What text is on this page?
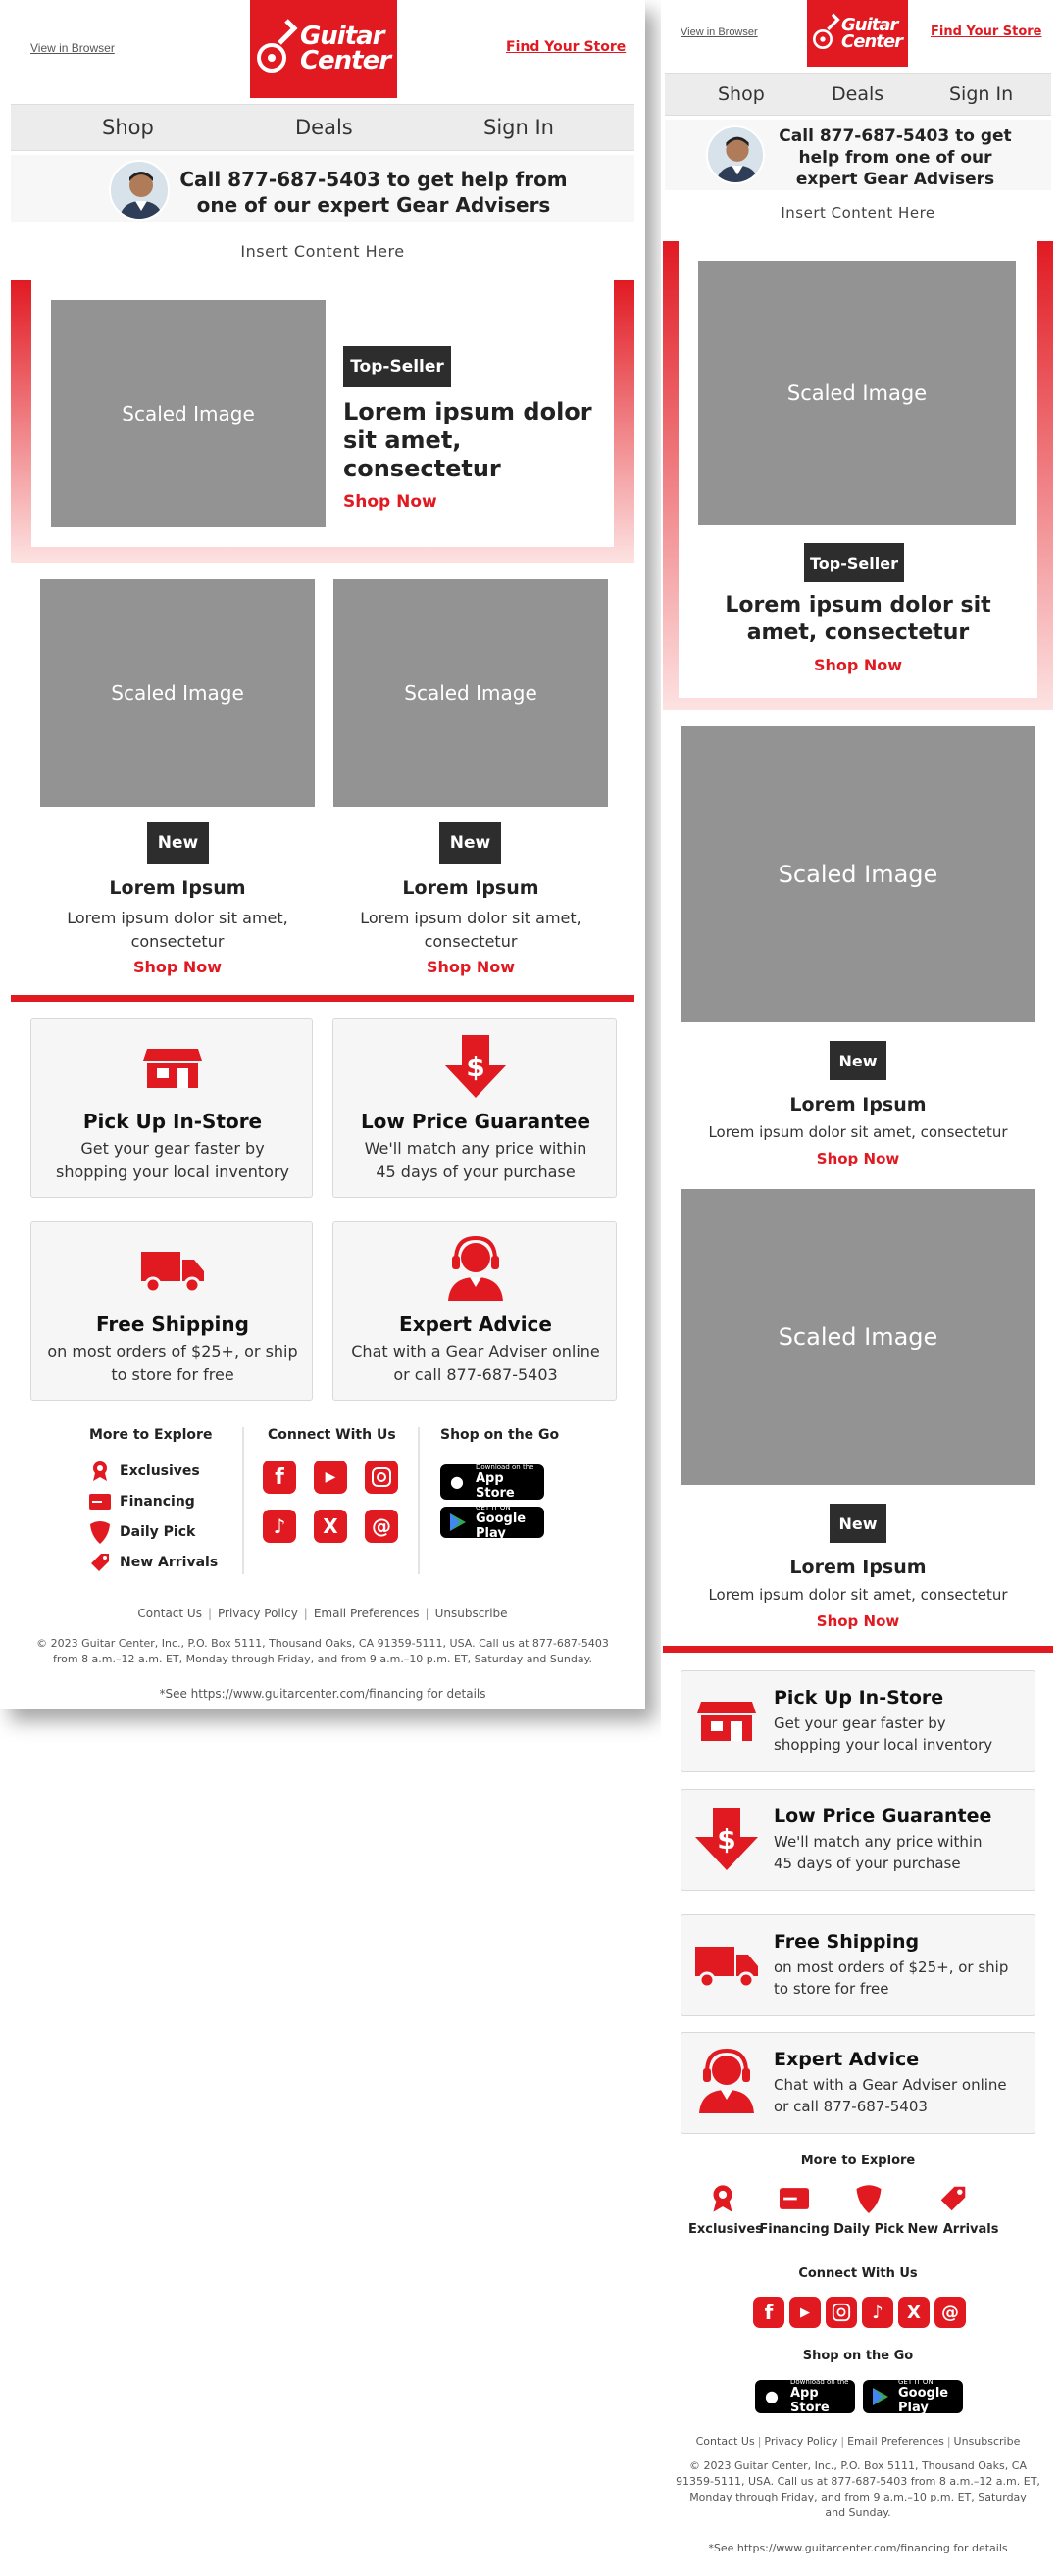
View in Browser	Guitar
Center	Find Your Store
Shop	Deals	Sign In
Call 877-687-5403 to get help from
one of our expert Gear Advisers
Insert Content Here
Scaled Image
Top-Seller
Lorem ipsum dolor
sit amet,
consectetur
Shop Now
Scaled Image
New
Lorem Ipsum
Lorem ipsum dolor sit amet,
consectetur
Shop Now
Scaled Image
New
Lorem Ipsum
Lorem ipsum dolor sit amet,
consectetur
Shop Now
Pick Up In-Store
Get your gear faster by
shopping your local inventory
$
Low Price Guarantee
We'll match any price within
45 days of your purchase
Free Shipping
on most orders of $25+, or ship
to store for free
Expert Advice
Chat with a Gear Adviser online
or call 877-687-5403
More to Explore
Exclusives
Financing
Daily Pick
New Arrivals
Connect With Us
f	▶
♪	X	@
Shop on the Go
●
Download on the
App Store
GET IT ON
Google Play
Contact Us | Privacy Policy | Email Preferences | Unsubscribe
© 2023 Guitar Center, Inc., P.O. Box 5111, Thousand Oaks, CA 91359-5111, USA. Call us at 877-687-5403
from 8 a.m.–12 a.m. ET, Monday through Friday, and from 9 a.m.–10 p.m. ET, Saturday and Sunday.
*See https://www.guitarcenter.com/financing for details
View in Browser	Guitar
Center Find Your Store
Shop	Deals	Sign In
Call 877-687-5403 to get
help from one of our
expert Gear Advisers
Insert Content Here
Scaled Image
Top-Seller
Lorem ipsum dolor sit
amet, consectetur
Shop Now
Scaled Image
New
Lorem Ipsum
Lorem ipsum dolor sit amet, consectetur
Shop Now
Scaled Image
New
Lorem Ipsum
Lorem ipsum dolor sit amet, consectetur
Shop Now
Pick Up In-Store
Get your gear faster by
shopping your local inventory
$
Low Price Guarantee
We'll match any price within
45 days of your purchase
Free Shipping
on most orders of $25+, or ship
to store for free
Expert Advice
Chat with a Gear Adviser online
or call 877-687-5403
More to Explore
Exclusives
Financing Daily Pick New Arrivals
Connect With Us
f	▶	♪	X	@
Shop on the Go
●
Download on the
App Store
GET IT ON
Google Play
Contact Us | Privacy Policy | Email Preferences | Unsubscribe
© 2023 Guitar Center, Inc., P.O. Box 5111, Thousand Oaks, CA
91359-5111, USA. Call us at 877-687-5403 from 8 a.m.–12 a.m. ET,
Monday through Friday, and from 9 a.m.–10 p.m. ET, Saturday
and Sunday.
*See https://www.guitarcenter.com/financing for details
